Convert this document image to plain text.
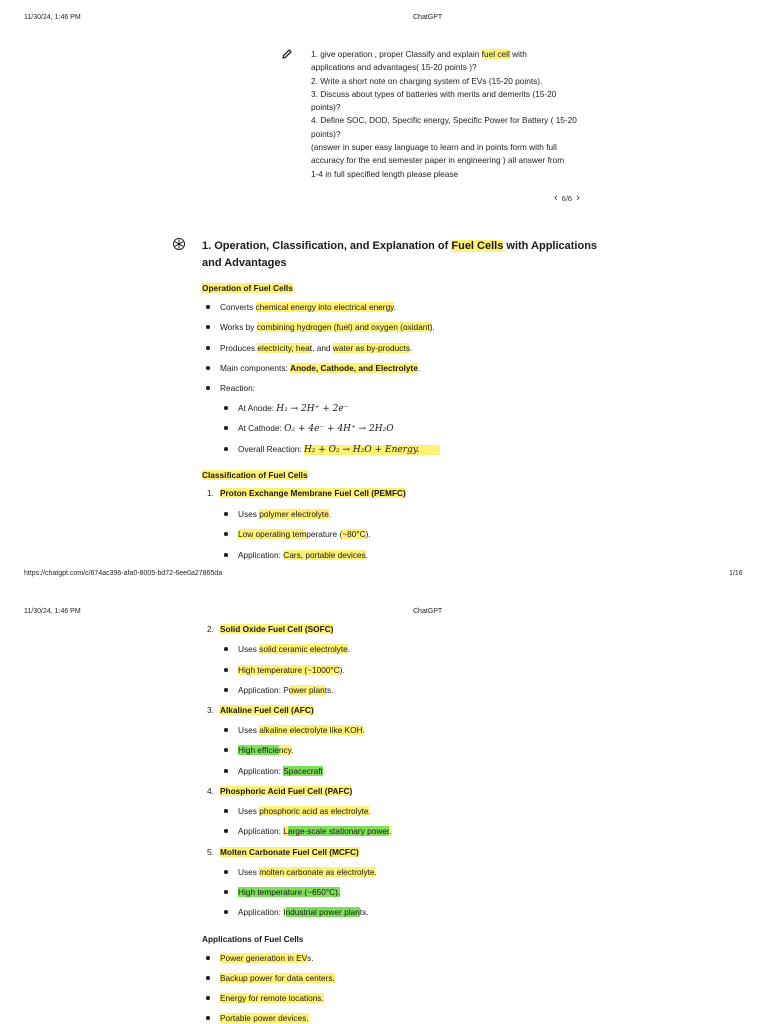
11/30/24, 1:46 PM	ChatGPT
1. give operation , proper Classify and explain fuel cell with
applications and advantages( 15-20 points )?
2. Write a short note on charging system of EVs (15-20 points).
3. Discuss about types of batteries with merits and demerits (15-20
points)?
4. Define SOC, DOD, Specific energy, Specific Power for Battery ( 15-20
points)?
(answer in super easy language to learn and in points form with full
accuracy for the end semester paper in engineering ) all answer from
1-4 in full specified length please please
‹ 6/6 ›
1. Operation, Classification, and Explanation of Fuel Cells with Applications
and Advantages
Operation of Fuel Cells
Converts chemical energy into electrical energy.
Works by combining hydrogen (fuel) and oxygen (oxidant).
Produces electricity, heat, and water as by-products.
Main components: Anode, Cathode, and Electrolyte.
Reaction:
At Anode: H₂ → 2H⁺ + 2e⁻
At Cathode: O₂ + 4e⁻ + 4H⁺ → 2H₂O
Overall Reaction: H₂ + O₂ → H₂O + Energy.
Classification of Fuel Cells
1. Proton Exchange Membrane Fuel Cell (PEMFC)
Uses polymer electrolyte.
Low operating temperature (~80°C).
Application: Cars, portable devices.
https://chatgpt.com/c/674ac396-afa0-8005-bd72-6ee0a27865da	1/16
11/30/24, 1:46 PM	ChatGPT
2. Solid Oxide Fuel Cell (SOFC)
Uses solid ceramic electrolyte.
High temperature (~1000°C).
Application: Power plants.
3. Alkaline Fuel Cell (AFC)
Uses alkaline electrolyte like KOH.
High efficiency.
Application: Spacecraft
4. Phosphoric Acid Fuel Cell (PAFC)
Uses phosphoric acid as electrolyte.
Application: Large-scale stationary power.
5. Molten Carbonate Fuel Cell (MCFC)
Uses molten carbonate as electrolyte.
High temperature (~650°C).
Application: Industrial power plants.
Applications of Fuel Cells
Power generation in EVs.
Backup power for data centers.
Energy for remote locations.
Portable power devices.
